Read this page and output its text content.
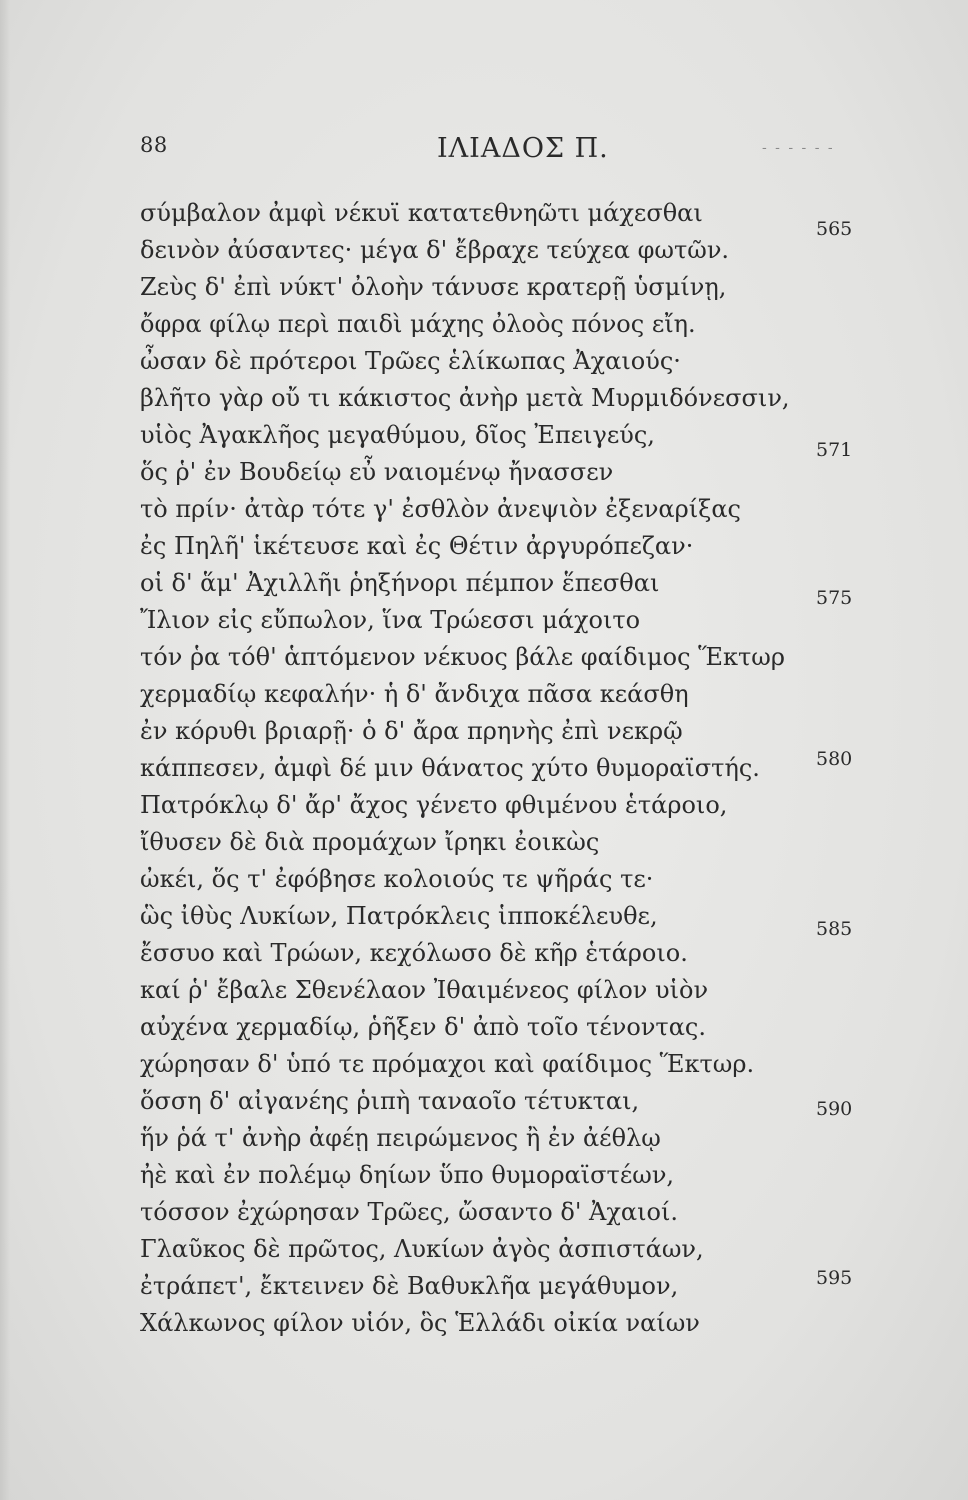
88	ΙΛΙΑΔΟΣ Π.	‐ ‐ ‐ ‐ ‐ ‐
σύμβαλον ἀμφὶ νέκυϊ κατατεθνηῶτι μάχεσθαι
δεινὸν ἀύσαντες· μέγα δ' ἔβραχε τεύχεα φωτῶν.
Ζεὺς δ' ἐπὶ νύκτ' ὀλοὴν τάνυσε κρατερῇ ὑσμίνῃ,
ὄφρα φίλῳ περὶ παιδὶ μάχης ὀλοὸς πόνος εἴη.
ὦσαν δὲ πρότεροι Τρῶες ἑλίκωπας Ἀχαιούς·
βλῆτο γὰρ οὔ τι κάκιστος ἀνὴρ μετὰ Μυρμιδόνεσσιν,
υἱὸς Ἀγακλῆος μεγαθύμου, δῖος Ἐπειγεύς,
ὅς ῥ' ἐν Βουδείῳ εὖ ναιομένῳ ἤνασσεν
τὸ πρίν· ἀτὰρ τότε γ' ἐσθλὸν ἀνεψιὸν ἐξεναρίξας
ἐς Πηλῆ' ἱκέτευσε καὶ ἐς Θέτιν ἀργυρόπεζαν·
οἱ δ' ἅμ' Ἀχιλλῆι ῥηξήνορι πέμπον ἕπεσθαι
Ἴλιον εἰς εὔπωλον, ἵνα Τρώεσσι μάχοιτο
τόν ῥα τόθ' ἁπτόμενον νέκυος βάλε φαίδιμος Ἕκτωρ
χερμαδίῳ κεφαλήν· ἡ δ' ἄνδιχα πᾶσα κεάσθη
ἐν κόρυθι βριαρῇ· ὁ δ' ἄρα πρηνὴς ἐπὶ νεκρῷ
κάππεσεν, ἀμφὶ δέ μιν θάνατος χύτο θυμοραϊστής.
Πατρόκλῳ δ' ἄρ' ἄχος γένετο φθιμένου ἑτάροιο,
ἴθυσεν δὲ διὰ προμάχων ἴρηκι ἐοικὼς
ὠκέι, ὅς τ' ἐφόβησε κολοιούς τε ψῆράς τε·
ὣς ἰθὺς Λυκίων, Πατρόκλεις ἱπποκέλευθε,
ἔσσυο καὶ Τρώων, κεχόλωσο δὲ κῆρ ἑτάροιο.
καί ῥ' ἔβαλε Σθενέλαον Ἰθαιμένεος φίλον υἱὸν
αὐχένα χερμαδίῳ, ῥῆξεν δ' ἀπὸ τοῖο τένοντας.
χώρησαν δ' ὑπό τε πρόμαχοι καὶ φαίδιμος Ἕκτωρ.
ὅσση δ' αἰγανέης ῥιπὴ ταναοῖο τέτυκται,
ἥν ῥά τ' ἀνὴρ ἀφέῃ πειρώμενος ἢ ἐν ἀέθλῳ
ἠὲ καὶ ἐν πολέμῳ δηίων ὕπο θυμοραϊστέων,
τόσσον ἐχώρησαν Τρῶες, ὤσαντο δ' Ἀχαιοί.
Γλαῦκος δὲ πρῶτος, Λυκίων ἀγὸς ἀσπιστάων,
ἐτράπετ', ἔκτεινεν δὲ Βαθυκλῆα μεγάθυμον,
Χάλκωνος φίλον υἱόν, ὃς Ἑλλάδι οἰκία ναίων
565
571
575
580
585
590
595
